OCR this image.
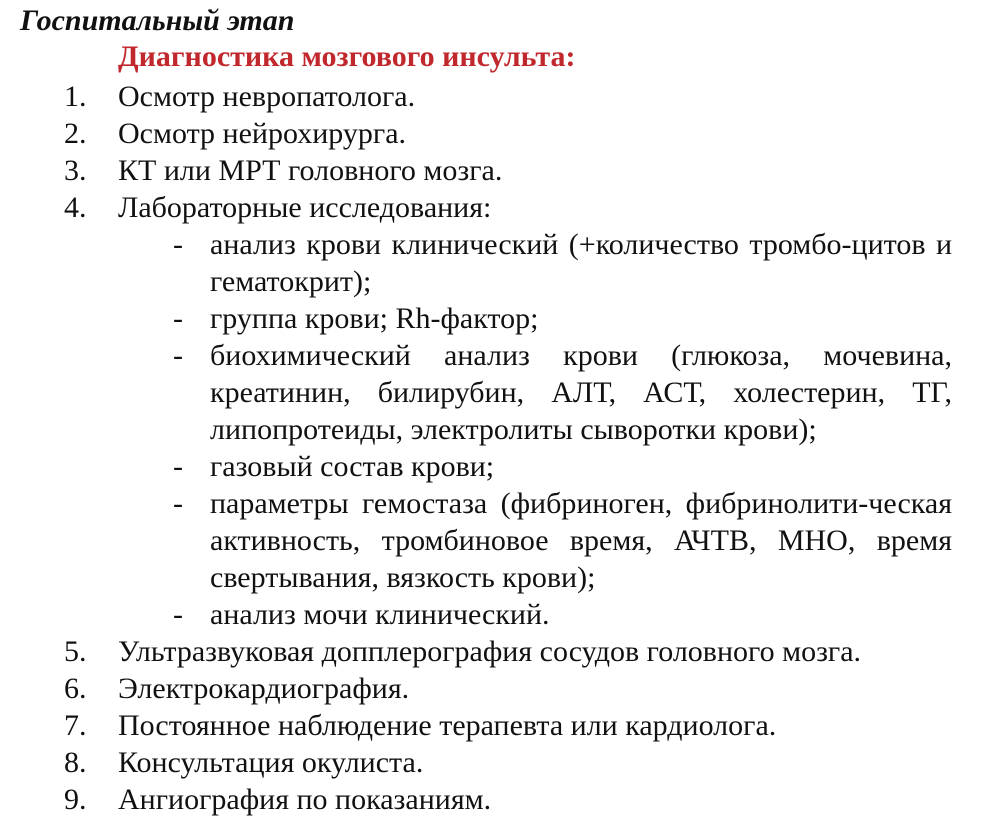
Госпитальный этап
Диагностика мозгового инсульта:
1.	Осмотр невропатолога.
2.	Осмотр нейрохирурга.
3.	КТ или МРТ головного мозга.
4.	Лабораторные исследования:
- анализ крови клинический (+количество тромбо-цитов и гематокрит);
- группа крови; Rh-фактор;
- биохимический анализ крови (глюкоза, мочевина, креатинин, билирубин, АЛТ, АСТ, холестерин, ТГ, липопротеиды, электролиты сыворотки крови);
- газовый состав крови;
- параметры гемостаза (фибриноген, фибринолити-ческая активность, тромбиновое время, АЧТВ, МНО, время свертывания, вязкость крови);
- анализ мочи клинический.
5.	Ультразвуковая допплерография сосудов головного мозга.
6.	Электрокардиография.
7.	Постоянное наблюдение терапевта или кардиолога.
8.	Консультация окулиста.
9.	Ангиография по показаниям.
